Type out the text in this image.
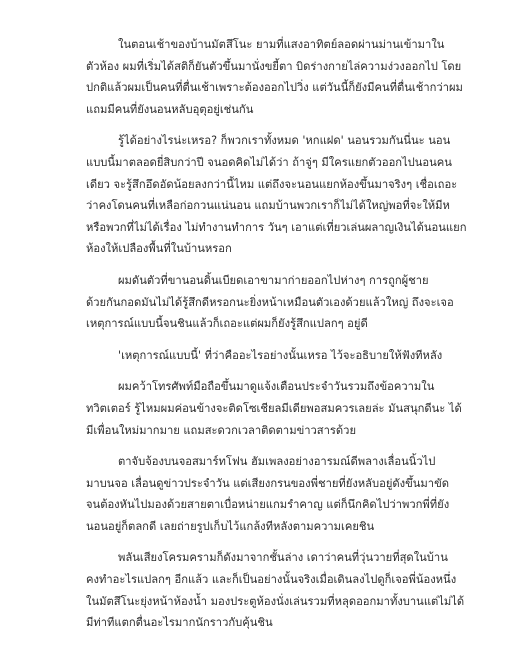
ในตอนเช้าของบ้านมัตสึโนะ ยามที่แสงอาทิตย์ลอดผ่านม่านเข้ามาใน
ตัวห้อง ผมที่เริ่มได้สติก็ยันตัวขึ้นมานั่งขยี้ตา บิดร่างกายไล่ความง่วงออกไป โดย
ปกติแล้วผมเป็นคนที่ตื่นเช้าเพราะต้องออกไปวิ่ง แต่วันนี้ก็ยังมีคนที่ตื่นเช้ากว่าผม
แถมมีคนที่ยังนอนหลับอุตุอยู่เช่นกัน
รู้ได้อย่างไรน่ะเหรอ? ก็พวกเราทั้งหมด 'หกแฝด' นอนรวมกันนี่นะ นอน
แบบนี้มาตลอดยี่สิบกว่าปี จนอดคิดไม่ได้ว่า ถ้าจู่ๆ มีใครแยกตัวออกไปนอนคน
เดียว จะรู้สึกอึดอัดน้อยลงกว่านี้ไหม แต่ถึงจะนอนแยกห้องขึ้นมาจริงๆ เชื่อเถอะ
ว่าคงโดนคนที่เหลือก่อกวนแน่นอน แถมบ้านพวกเราก็ไม่ได้ใหญ่พอที่จะให้มีห
หรือพวกที่ไม่ได้เรื่อง ไม่ทำงานทำการ วันๆ เอาแต่เที่ยวเล่นผลาญเงินได้นอนแยก
ห้องให้เปลืองพื้นที่ในบ้านหรอก
ผมดันตัวที่ขานอนดิ้นเบียดเอาขามาก่ายออกไปห่างๆ การถูกผู้ชาย
ด้วยกันกอดมันไม่ได้รู้สึกดีหรอกนะยิ่งหน้าเหมือนตัวเองด้วยแล้วใหญ่ ถึงจะเจอ
เหตุการณ์แบบนี้จนชินแล้วก็เถอะแต่ผมก็ยังรู้สึกแปลกๆ อยู่ดี
'เหตุการณ์แบบนี้' ที่ว่าคืออะไรอย่างนั้นเหรอ ไว้จะอธิบายให้ฟังทีหลัง
ผมคว้าโทรศัพท์มือถือขึ้นมาดูแจ้งเตือนประจำวันรวมถึงข้อความใน
ทวิตเตอร์ รู้ไหมผมค่อนข้างจะติดโซเชียลมีเดียพอสมควรเลยล่ะ มันสนุกดีนะ ได้
มีเพื่อนใหม่มากมาย แถมสะดวกเวลาติดตามข่าวสารด้วย
ตาจับจ้องบนจอสมาร์ทโฟน ฮัมเพลงอย่างอารมณ์ดีพลางเลื่อนนิ้วไป
มาบนจอ เลื่อนดูข่าวประจำวัน แต่เสียงกรนของพี่ชายที่ยังหลับอยู่ดังขึ้นมาขัด
จนต้องหันไปมองด้วยสายตาเบื่อหน่ายแกมรำคาญ แต่ก็นึกคิดไปว่าพวกพี่ที่ยัง
นอนอยู่ก็ตลกดี เลยถ่ายรูปเก็บไว้แกล้งทีหลังตามความเคยชิน
พลันเสียงโครมครามก็ดังมาจากชั้นล่าง เดาว่าคนที่วุ่นวายที่สุดในบ้าน
คงทำอะไรแปลกๆ อีกแล้ว และก็เป็นอย่างนั้นจริงเมื่อเดินลงไปดูก็เจอพี่น้องหนึ่ง
ในมัตสึโนะยุ่งหน้าห้องน้ำ มองประตูห้องนั่งเล่นรวมที่หลุดออกมาทั้งบานแต่ไม่ได้
มีท่าทีแตกตื่นอะไรมากนักราวกับคุ้นชิน
